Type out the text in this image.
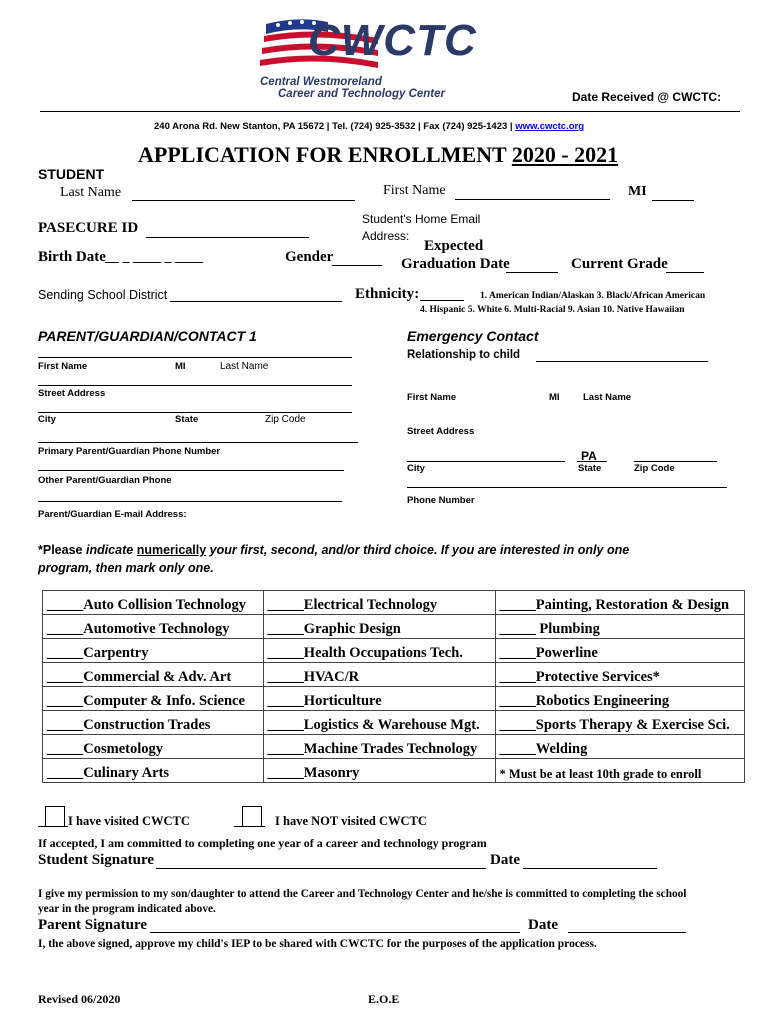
CWCTC
Central Westmoreland
Career and Technology Center	Date Received @ CWCTC:
240 Arona Rd. New Stanton, PA 15672 | Tel. (724) 925-3532 | Fax (724) 925-1423 | www.cwctc.org
APPLICATION FOR ENROLLMENT 2020 - 2021
STUDENT
Last Name	First Name	MI
PASECURE ID
Student's Home Email
Address:
Birth Date __ _ ____ _ ____	Gender
Expected
Graduation Date	Current Grade
Sending School District	Ethnicity:	1. American Indian/Alaskan 3. Black/African American
4. Hispanic 5. White 6. Multi-Racial 9. Asian 10. Native Hawaiian
PARENT/GUARDIAN/CONTACT 1
First Name	MI	Last Name
Street Address
City	State	Zip Code
Primary Parent/Guardian Phone Number
Other Parent/Guardian Phone
Parent/Guardian E-mail Address:
Emergency Contact
Relationship to child
First Name	MI Last Name
Street Address
PA
City	State	Zip Code
Phone Number
*Please indicate numerically your first, second, and/or third choice. If you are interested in only one
program, then mark only one.
_____Auto Collision Technology	_____Electrical Technology	_____Painting, Restoration & Design
_____Automotive Technology	_____Graphic Design	_____ Plumbing
_____Carpentry	_____Health Occupations Tech.	_____Powerline
_____Commercial & Adv. Art	_____HVAC/R	_____Protective Services*
_____Computer & Info. Science	_____Horticulture	_____Robotics Engineering
_____Construction Trades	_____Logistics & Warehouse Mgt.	_____Sports Therapy & Exercise Sci.
_____Cosmetology	_____Machine Trades Technology	_____Welding
_____Culinary Arts	_____Masonry	* Must be at least 10th grade to enroll
I have visited CWCTC	I have NOT visited CWCTC
If accepted, I am committed to completing one year of a career and technology program
Student Signature	Date
I give my permission to my son/daughter to attend the Career and Technology Center and he/she is committed to completing the school
year in the program indicated above.
Parent Signature	Date
I, the above signed, approve my child's IEP to be shared with CWCTC for the purposes of the application process.
Revised 06/2020	E.O.E
